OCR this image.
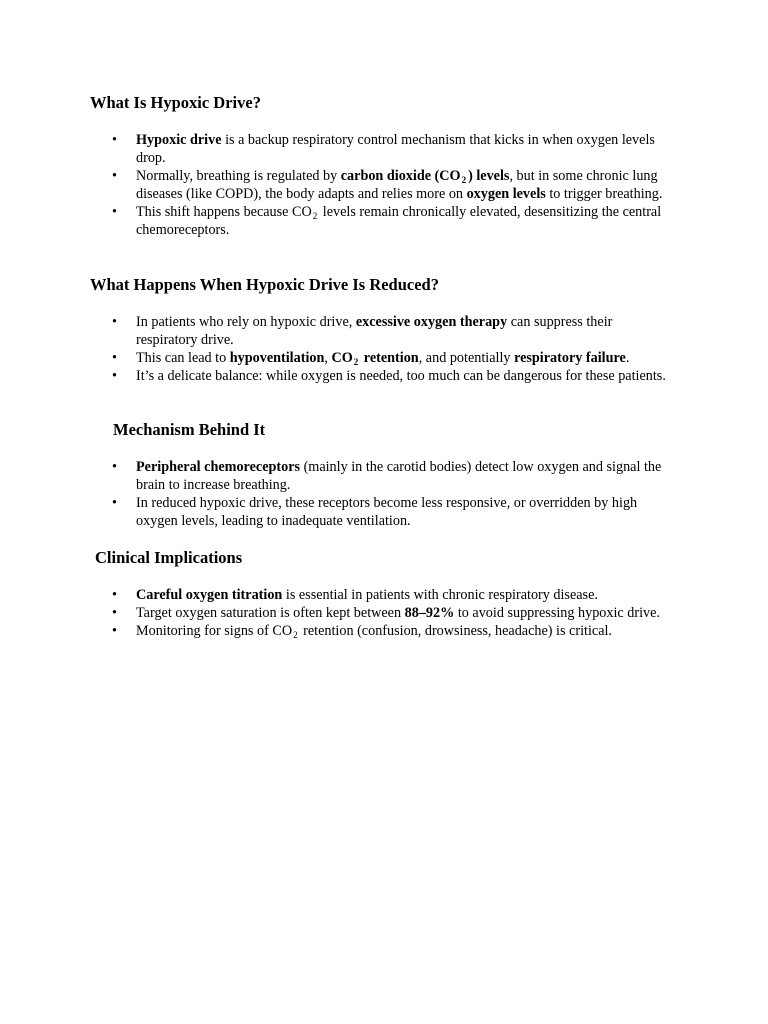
What Is Hypoxic Drive?
• Hypoxic drive is a backup respiratory control mechanism that kicks in when oxygen levels drop.
• Normally, breathing is regulated by carbon dioxide ($CO_2$ ) levels, but in some chronic lung diseases (like COPD), the body adapts and relies more on oxygen levels to trigger breathing.
• This shift happens because $CO_2$ levels remain chronically elevated, desensitizing the central chemoreceptors.
What Happens When Hypoxic Drive Is Reduced?
• In patients who rely on hypoxic drive, excessive oxygen therapy can suppress their respiratory drive.
• This can lead to hypoventilation, $CO_2$ retention, and potentially respiratory failure.
• It’s a delicate balance: while oxygen is needed, too much can be dangerous for these patients.
Mechanism Behind It
• Peripheral chemoreceptors (mainly in the carotid bodies) detect low oxygen and signal the brain to increase breathing.
• In reduced hypoxic drive, these receptors become less responsive, or overridden by high oxygen levels, leading to inadequate ventilation.
Clinical Implications
• Careful oxygen titration is essential in patients with chronic respiratory disease.
• Target oxygen saturation is often kept between 88–92% to avoid suppressing hypoxic drive.
• Monitoring for signs of $CO_2$ retention (confusion, drowsiness, headache) is critical.
